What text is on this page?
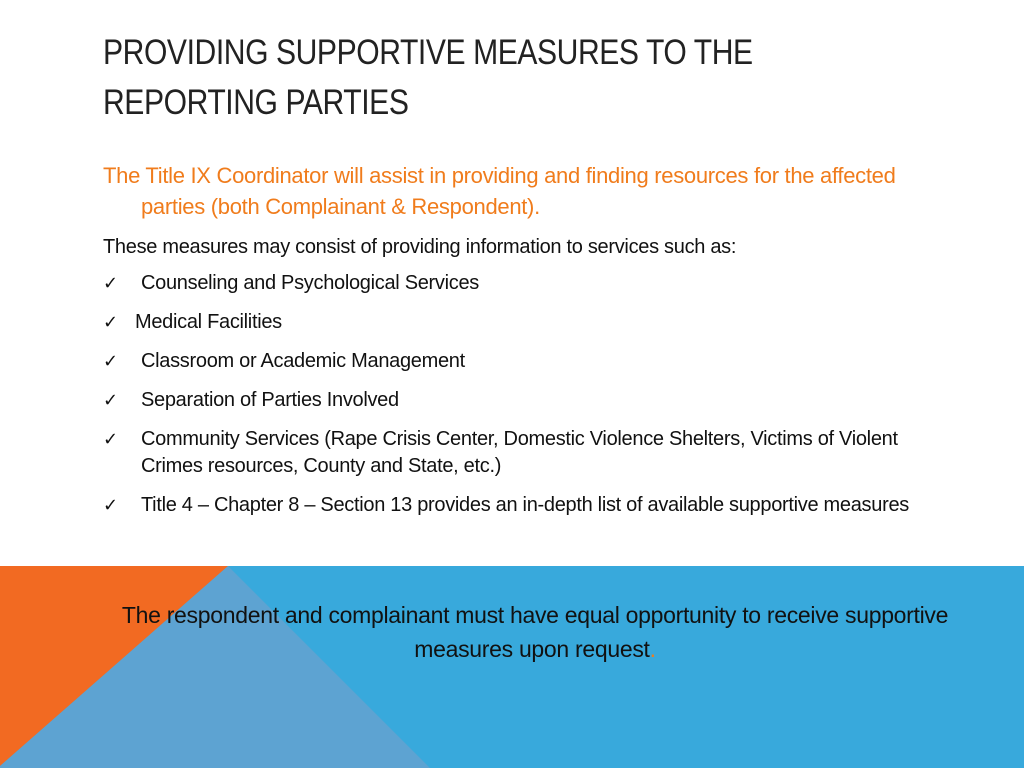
PROVIDING SUPPORTIVE MEASURES TO THE REPORTING PARTIES

The Title IX Coordinator will assist in providing and finding resources for the affected parties (both Complainant & Respondent).

These measures may consist of providing information to services such as:

✓ Counseling and Psychological Services
✓ Medical Facilities
✓ Classroom or Academic Management
✓ Separation of Parties Involved
✓ Community Services (Rape Crisis Center, Domestic Violence Shelters, Victims of Violent Crimes resources, County and State, etc.)
✓ Title 4 – Chapter 8 – Section 13 provides an in-depth list of available supportive measures
The respondent and complainant must have equal opportunity to receive supportive measures upon request.
